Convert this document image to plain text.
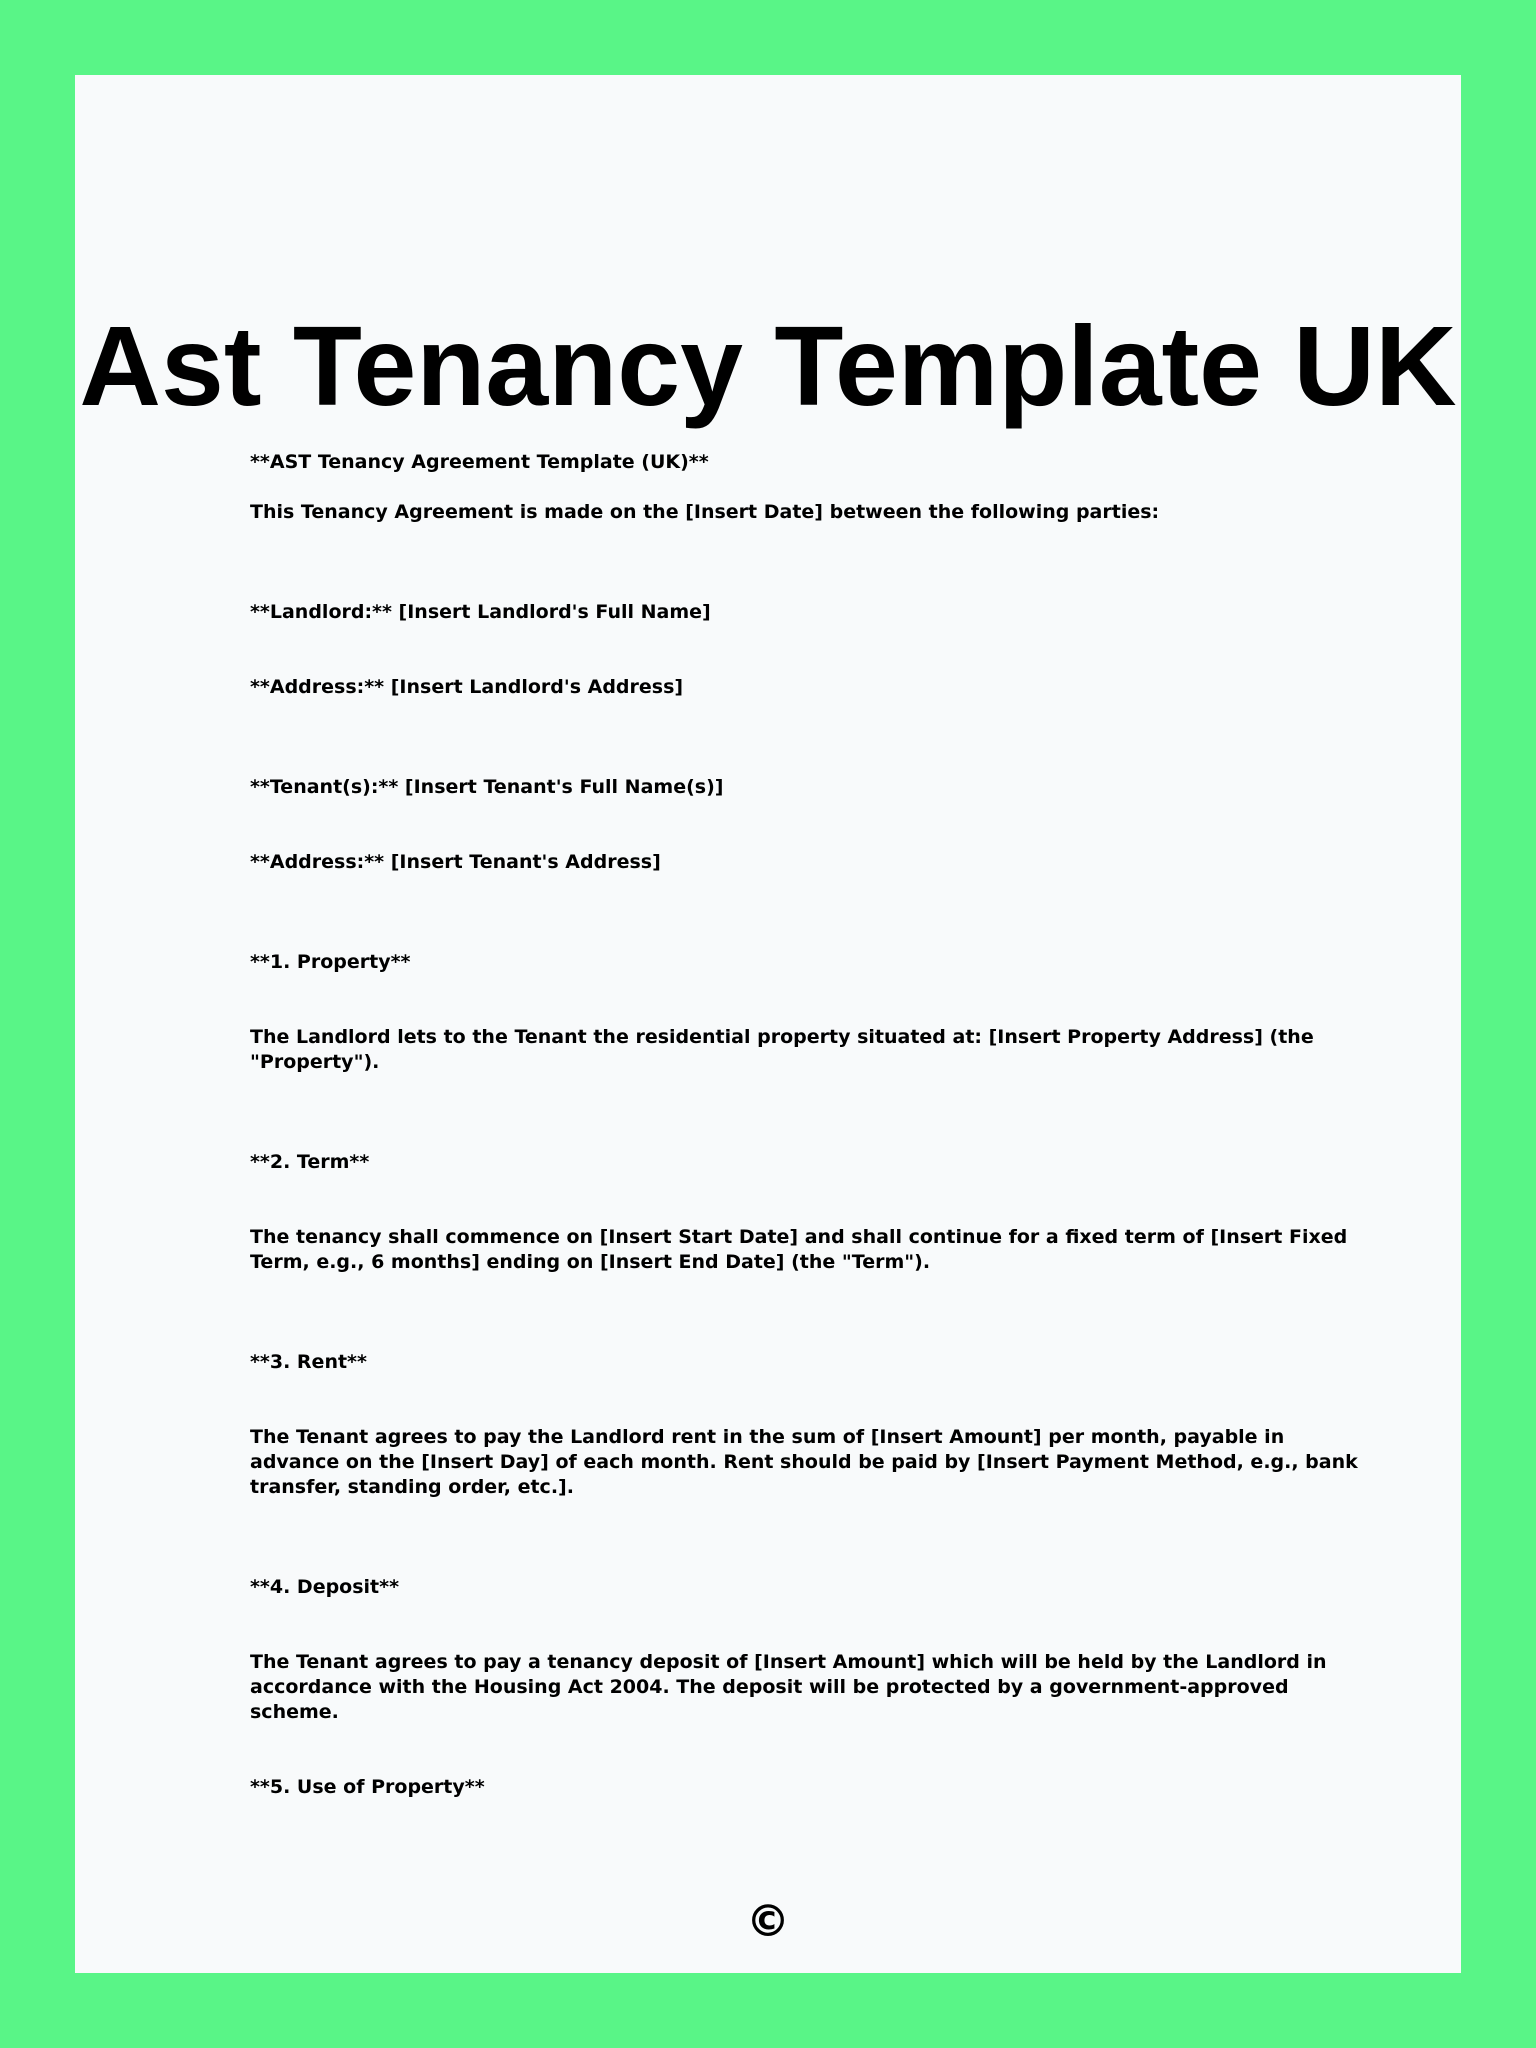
Ast Tenancy Template UK

**AST Tenancy Agreement Template (UK)**

This Tenancy Agreement is made on the [Insert Date] between the following parties:

**Landlord:** [Insert Landlord's Full Name]

**Address:** [Insert Landlord's Address]

**Tenant(s):** [Insert Tenant's Full Name(s)]

**Address:** [Insert Tenant's Address]

**1. Property**

The Landlord lets to the Tenant the residential property situated at: [Insert Property Address] (the "Property").

**2. Term**

The tenancy shall commence on [Insert Start Date] and shall continue for a fixed term of [Insert Fixed Term, e.g., 6 months] ending on [Insert End Date] (the "Term").

**3. Rent**

The Tenant agrees to pay the Landlord rent in the sum of [Insert Amount] per month, payable in advance on the [Insert Day] of each month. Rent should be paid by [Insert Payment Method, e.g., bank transfer, standing order, etc.].

**4. Deposit**

The Tenant agrees to pay a tenancy deposit of [Insert Amount] which will be held by the Landlord in accordance with the Housing Act 2004. The deposit will be protected by a government-approved scheme.

**5. Use of Property**

©
